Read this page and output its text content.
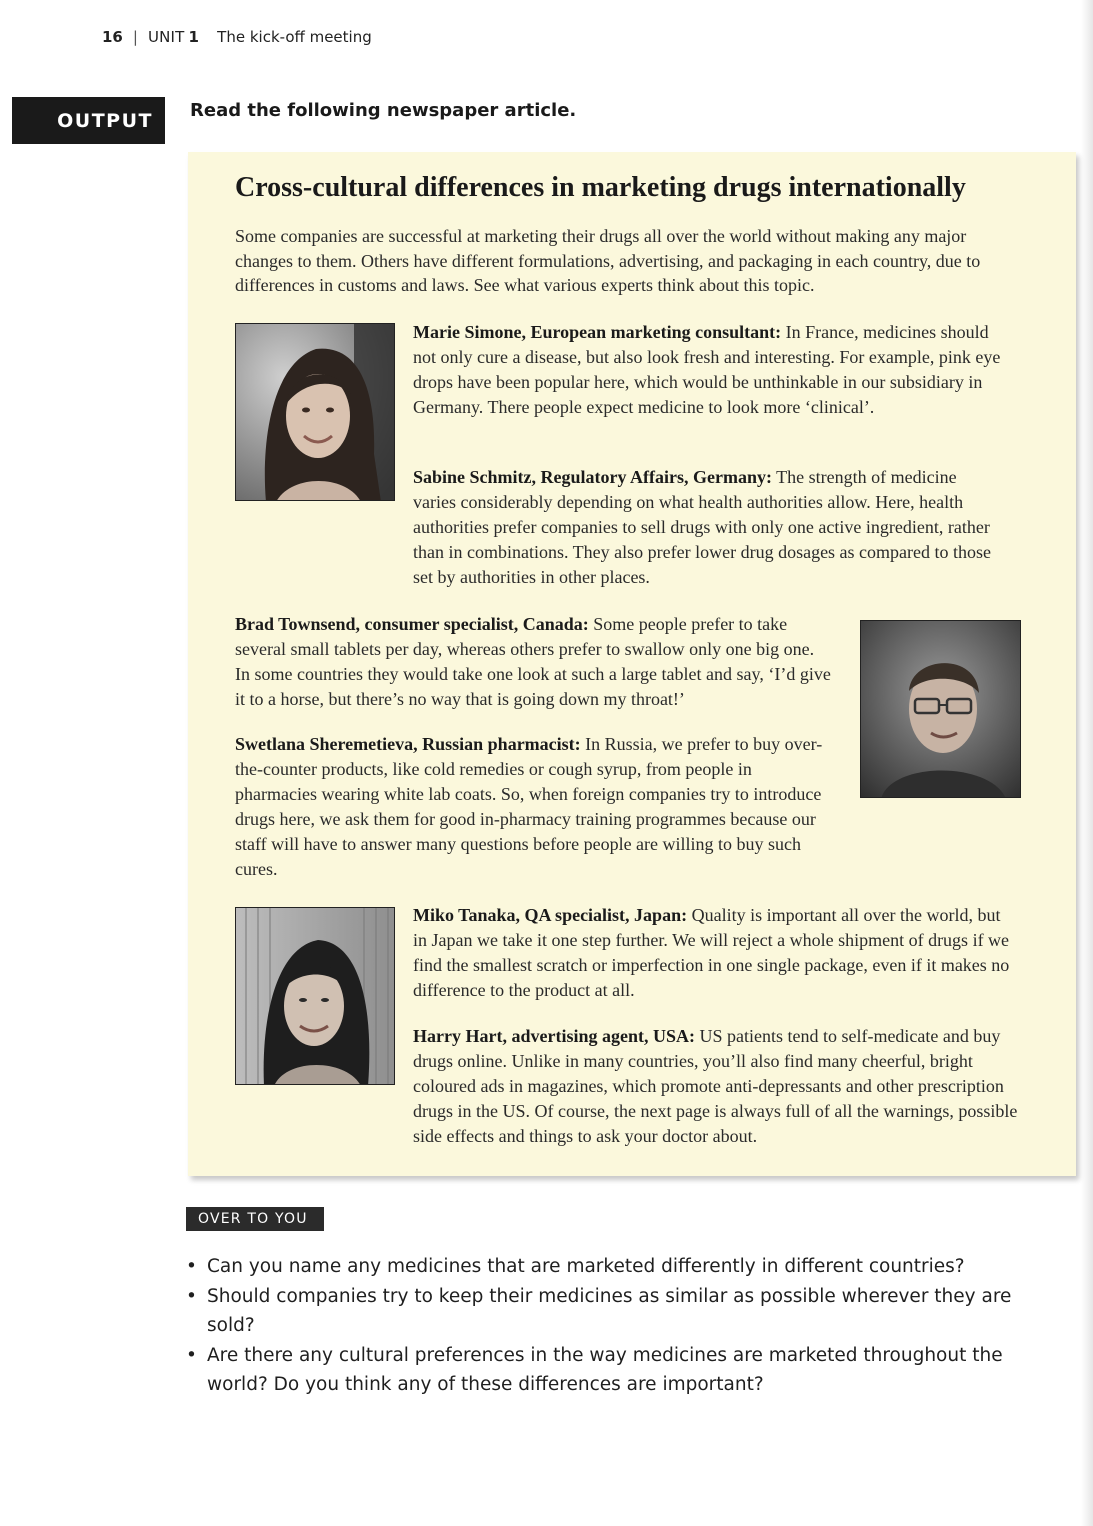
16 | UNIT 1 The kick-off meeting
OUTPUT	Read the following newspaper article.
Cross-cultural differences in marketing drugs internationally

Some companies are successful at marketing their drugs all over the world without making any major changes to them. Others have different formulations, advertising, and packaging in each country, due to differences in customs and laws. See what various experts think about this topic.

Marie Simone, European marketing consultant: In France, medicines should not only cure a disease, but also look fresh and interesting. For example, pink eye drops have been popular here, which would be unthinkable in our subsidiary in Germany. There people expect medicine to look more ‘clinical’.

Sabine Schmitz, Regulatory Affairs, Germany: The strength of medicine varies considerably depending on what health authorities allow. Here, health authorities prefer companies to sell drugs with only one active ingredient, rather than in combinations. They also prefer lower drug dosages as compared to those set by authorities in other places.

Brad Townsend, consumer specialist, Canada: Some people prefer to take several small tablets per day, whereas others prefer to swallow only one big one. In some countries they would take one look at such a large tablet and say, ‘I’d give it to a horse, but there’s no way that is going down my throat!’

Swetlana Sheremetieva, Russian pharmacist: In Russia, we prefer to buy over-the-counter products, like cold remedies or cough syrup, from people in pharmacies wearing white lab coats. So, when foreign companies try to introduce drugs here, we ask them for good in-pharmacy training programmes because our staff will have to answer many questions before people are willing to buy such cures.

Miko Tanaka, QA specialist, Japan: Quality is important all over the world, but in Japan we take it one step further. We will reject a whole shipment of drugs if we find the smallest scratch or imperfection in one single package, even if it makes no difference to the product at all.

Harry Hart, advertising agent, USA: US patients tend to self-medicate and buy drugs online. Unlike in many countries, you’ll also find many cheerful, bright coloured ads in magazines, which promote anti-depressants and other prescription drugs in the US. Of course, the next page is always full of all the warnings, possible side effects and things to ask your doctor about.

OVER TO YOU
• Can you name any medicines that are marketed differently in different countries?
• Should companies try to keep their medicines as similar as possible wherever they are sold?
• Are there any cultural preferences in the way medicines are marketed throughout the world? Do you think any of these differences are important?
